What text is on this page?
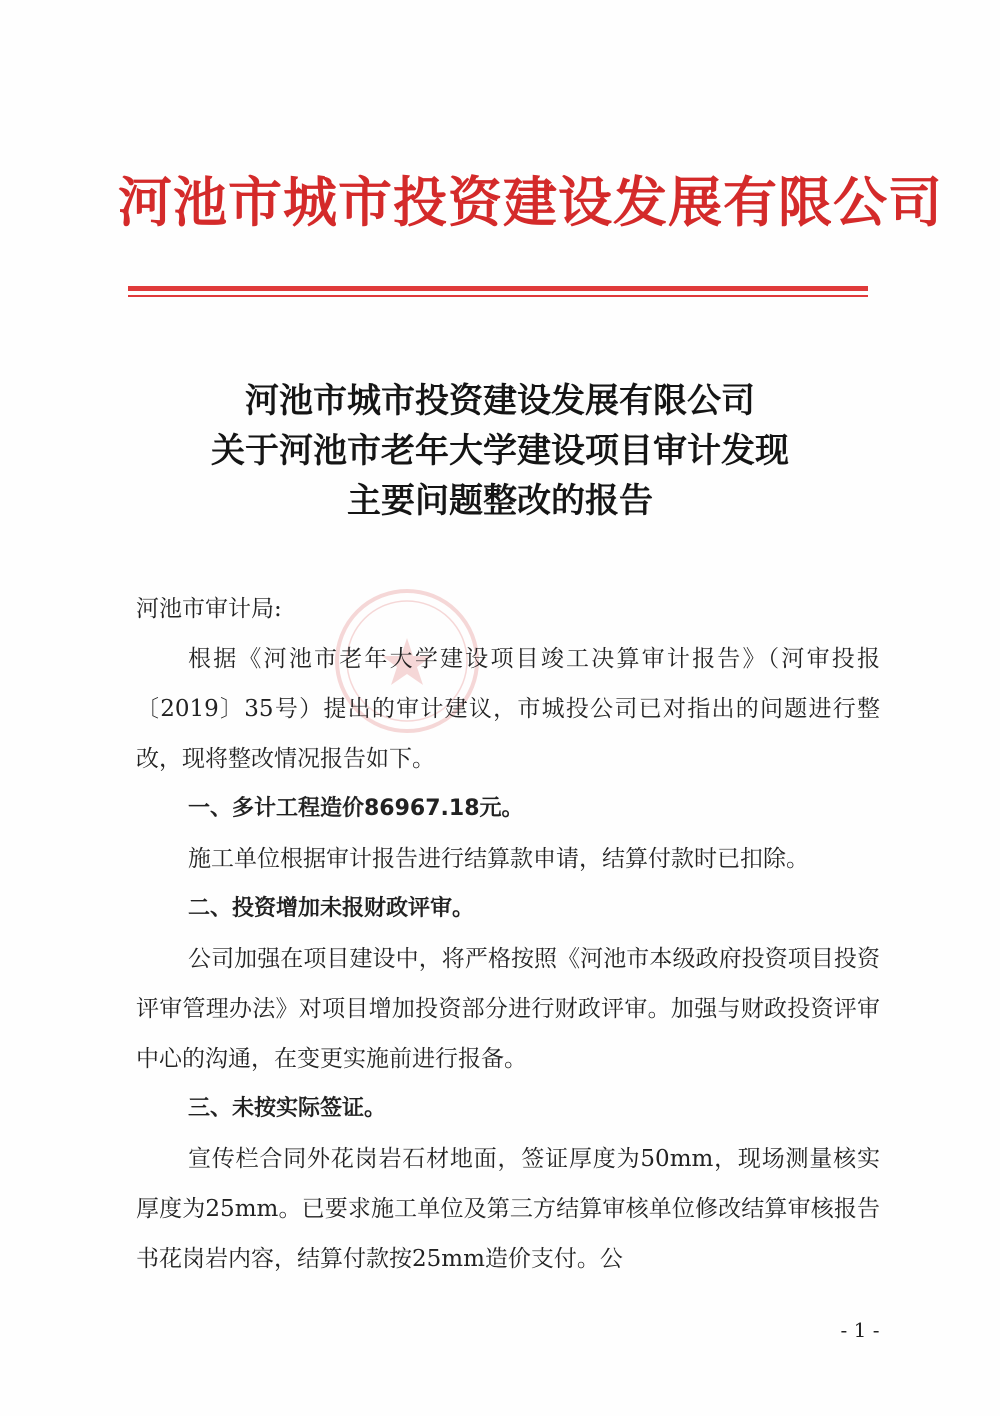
河池市城市投资建设发展有限公司
河池市城市投资建设发展有限公司
关于河池市老年大学建设项目审计发现
主要问题整改的报告

河池市审计局:

根据《河池市老年大学建设项目竣工决算审计报告》（河审投报〔2019〕35号）提出的审计建议，市城投公司已对指出的问题进行整改，现将整改情况报告如下。

一、多计工程造价86967.18元。

施工单位根据审计报告进行结算款申请，结算付款时已扣除。

二、投资增加未报财政评审。

公司加强在项目建设中，将严格按照《河池市本级政府投资项目投资评审管理办法》对项目增加投资部分进行财政评审。加强与财政投资评审中心的沟通，在变更实施前进行报备。

三、未按实际签证。

宣传栏合同外花岗岩石材地面，签证厚度为50mm，现场测量核实厚度为25mm。已要求施工单位及第三方结算审核单位修改结算审核报告书花岗岩内容，结算付款按25mm造价支付。公

- 1 -
